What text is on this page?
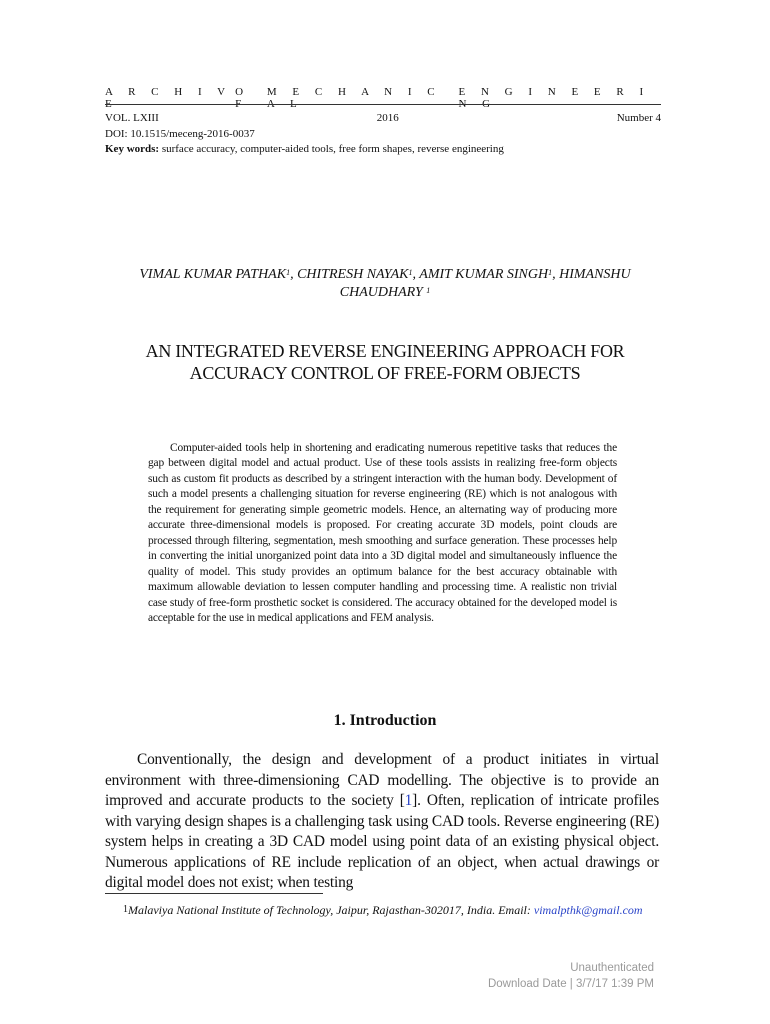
A R C H I V E
O F
M E C H A N I C A L
E N G I N E E R I N G
VOL. LXIII	2016	Number 4
DOI: 10.1515/meceng-2016-0037
Key words: surface accuracy, computer-aided tools, free form shapes, reverse engineering
VIMAL KUMAR PATHAK$^1$, CHITRESH NAYAK$^1$, AMIT KUMAR SINGH$^1$, HIMANSHU CHAUDHARY $^1$
AN INTEGRATED REVERSE ENGINEERING APPROACH FOR
ACCURACY CONTROL OF FREE-FORM OBJECTS
Computer-aided tools help in shortening and eradicating numerous repetitive tasks that reduces the gap between digital model and actual product. Use of these tools assists in realizing free-form objects such as custom fit products as described by a stringent interaction with the human body. Development of such a model presents a challenging situation for reverse engineering (RE) which is not analogous with the requirement for generating simple geometric models. Hence, an alternating way of producing more accurate three-dimensional models is proposed. For creating accurate 3D models, point clouds are processed through filtering, segmentation, mesh smoothing and surface generation. These processes help in converting the initial unorganized point data into a 3D digital model and simultaneously influence the quality of model. This study provides an optimum balance for the best accuracy obtainable with maximum allowable deviation to lessen computer handling and processing time. A realistic non trivial case study of free-form prosthetic socket is considered. The accuracy obtained for the developed model is acceptable for the use in medical applications and FEM analysis.
1. Introduction
Conventionally, the design and development of a product initiates in virtual environment with three-dimensioning CAD modelling. The objective is to provide an improved and accurate products to the society [1]. Often, replication of intricate profiles with varying design shapes is a challenging task using CAD tools. Reverse engineering (RE) system helps in creating a 3D CAD model using point data of an existing physical object. Numerous applications of RE include replication of an object, when actual drawings or digital model does not exist; when testing
$^1$Malaviya National Institute of Technology, Jaipur, Rajasthan-302017, India. Email: vimalpthk@gmail.com
Unauthenticated
Download Date | 3/7/17 1:39 PM
